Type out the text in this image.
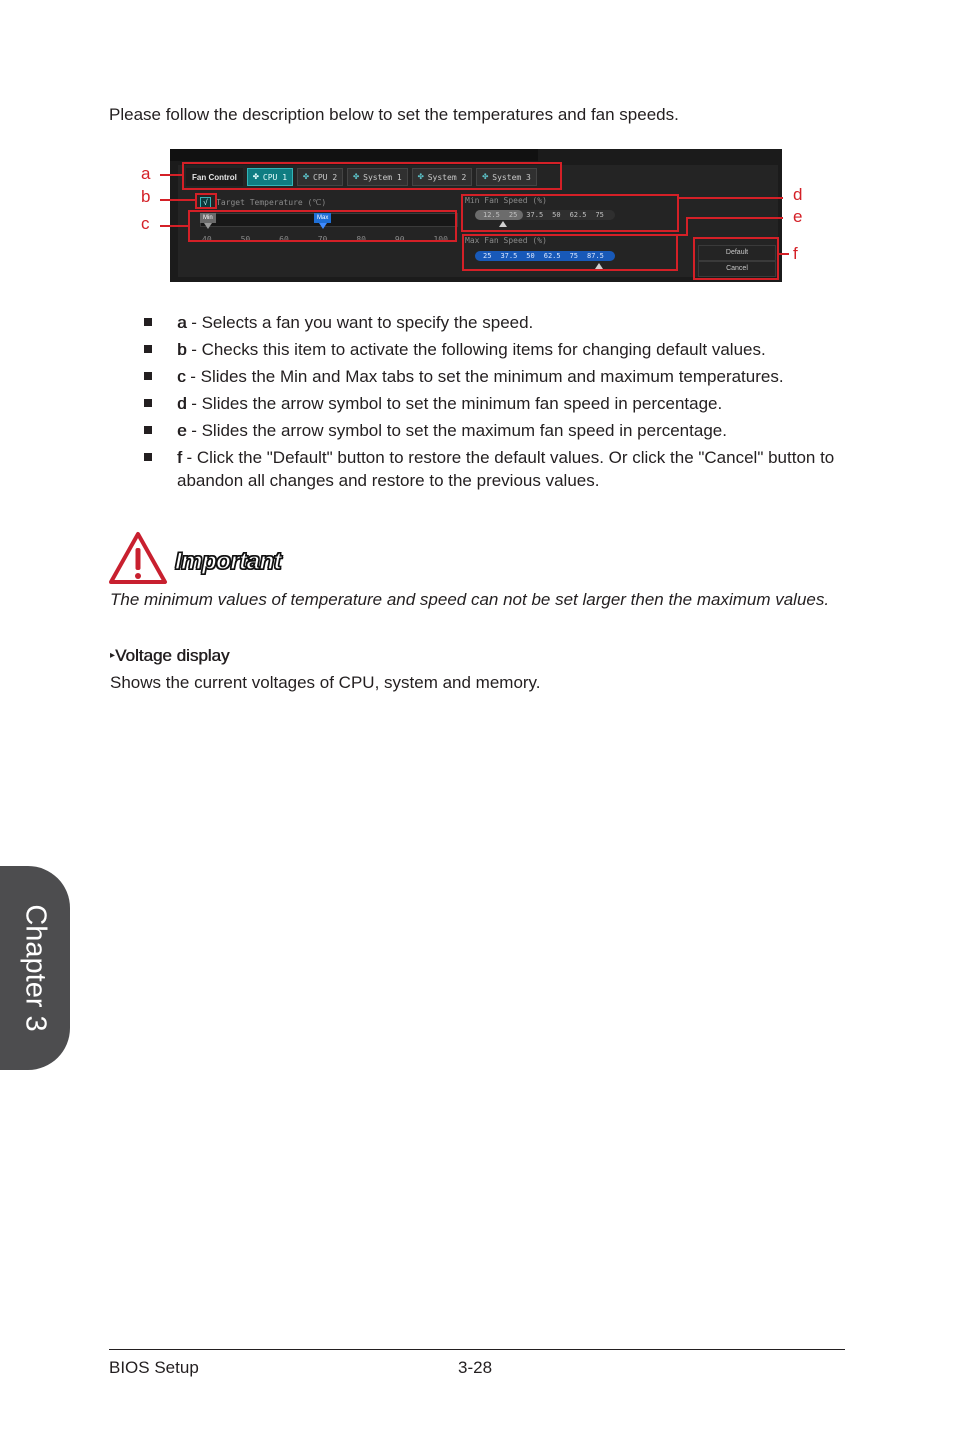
Please follow the description below to set the temperatures and fan speeds.
Fan Control	✤ CPU 1 ✤ CPU 2 ✤ System 1 ✤ System 2 ✤ System 3
√	Target Temperature (℃)
Min	Max
40	50	60	70	80	90	100
Min Fan Speed (%)
12.5 25 37.5 50 62.5 75
Max Fan Speed (%)
25 37.5 50 62.5 75 87.5	Default
Cancel
a
b
c
d
e
f
a - Selects a fan you want to specify the speed.
b - Checks this item to activate the following items for changing default values.
c - Slides the Min and Max tabs to set the minimum and maximum temperatures.
d - Slides the arrow symbol to set the minimum fan speed in percentage.
e - Slides the arrow symbol to set the maximum fan speed in percentage.
f - Click the "Default" button to restore the default values. Or click the "Cancel" button to abandon all changes and restore to the previous values.
Important
The minimum values of temperature and speed can not be set larger then the maximum values.
▸Voltage display
Shows the current voltages of CPU, system and memory.
Chapter 3
BIOS Setup	3-28
